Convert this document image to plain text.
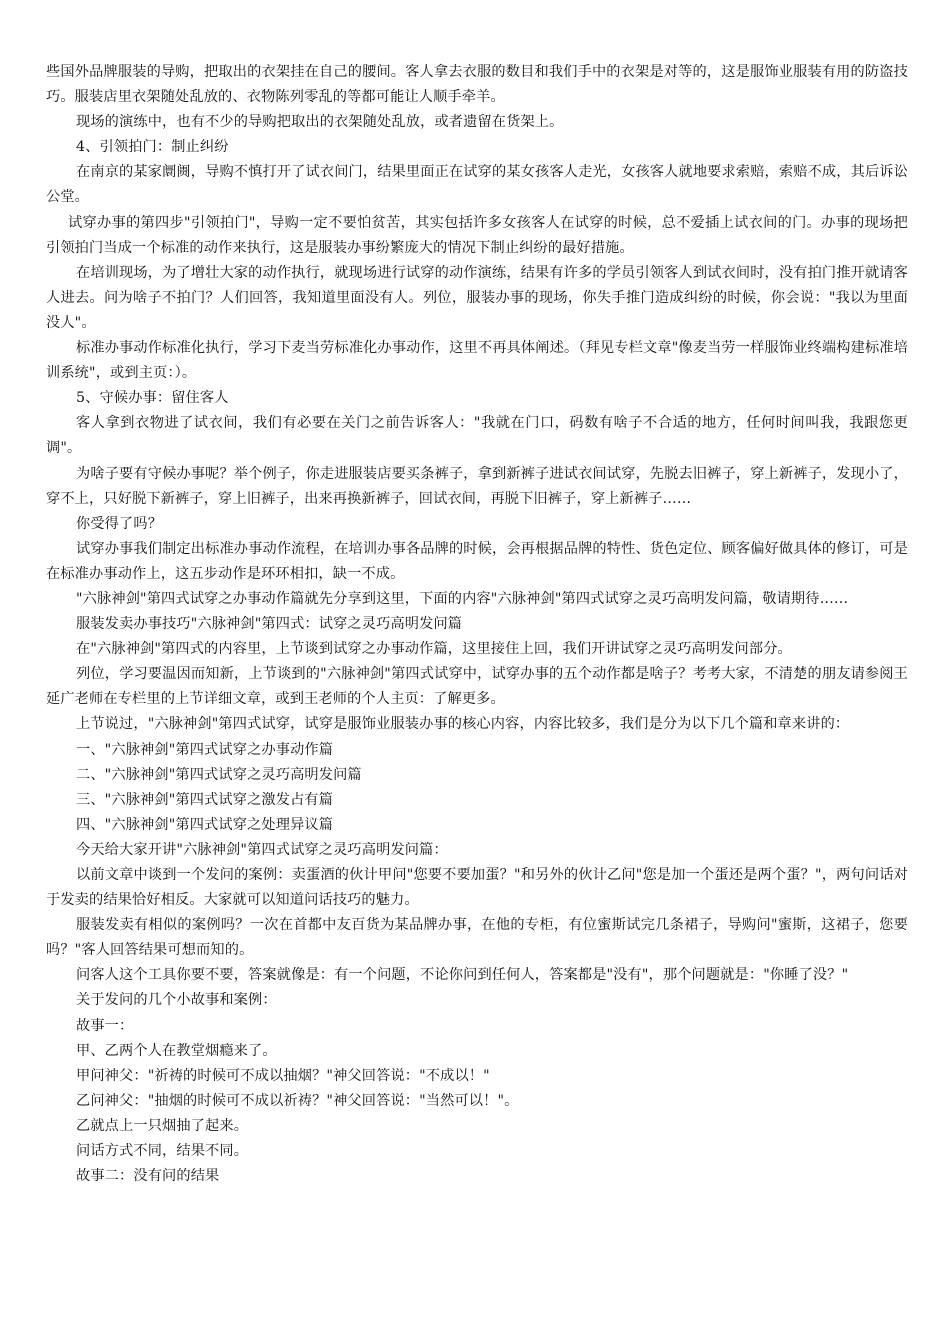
些国外品牌服装的导购，把取出的衣架挂在自己的腰间。客人拿去衣服的数目和我们手中的衣架是对等的，这是服饰业服装有用的防盗技巧。服装店里衣架随处乱放的、衣物陈列零乱的等都可能让人顺手牵羊。

现场的演练中，也有不少的导购把取出的衣架随处乱放，或者遗留在货架上。

4、引领拍门：制止纠纷

在南京的某家阛阓，导购不慎打开了试衣间门，结果里面正在试穿的某女孩客人走光，女孩客人就地要求索赔，索赔不成，其后诉讼公堂。

试穿办事的第四步"引领拍门"，导购一定不要怕贫苦，其实包括许多女孩客人在试穿的时候，总不爱插上试衣间的门。办事的现场把引领拍门当成一个标准的动作来执行，这是服装办事纷繁庞大的情况下制止纠纷的最好措施。

在培训现场，为了增壮大家的动作执行，就现场进行试穿的动作演练，结果有许多的学员引领客人到试衣间时，没有拍门推开就请客人进去。问为啥子不拍门？人们回答，我知道里面没有人。列位，服装办事的现场，你失手推门造成纠纷的时候，你会说："我以为里面没人"。

标准办事动作标准化执行，学习下麦当劳标准化办事动作，这里不再具体阐述。（拜见专栏文章"像麦当劳一样服饰业终端构建标准培训系统"，或到主页：）。

5、守候办事：留住客人

客人拿到衣物进了试衣间，我们有必要在关门之前告诉客人："我就在门口，码数有啥子不合适的地方，任何时间叫我，我跟您更调"。

为啥子要有守候办事呢？举个例子，你走进服装店要买条裤子，拿到新裤子进试衣间试穿，先脱去旧裤子，穿上新裤子，发现小了，穿不上，只好脱下新裤子，穿上旧裤子，出来再换新裤子，回试衣间，再脱下旧裤子，穿上新裤子……

你受得了吗？

试穿办事我们制定出标准办事动作流程，在培训办事各品牌的时候，会再根据品牌的特性、货色定位、顾客偏好做具体的修订，可是在标准办事动作上，这五步动作是环环相扣，缺一不成。

"六脉神剑"第四式试穿之办事动作篇就先分享到这里，下面的内容"六脉神剑"第四式试穿之灵巧高明发问篇，敬请期待……

服装发卖办事技巧"六脉神剑"第四式：试穿之灵巧高明发问篇

在"六脉神剑"第四式的内容里，上节谈到试穿之办事动作篇，这里接住上回，我们开讲试穿之灵巧高明发问部分。

列位，学习要温因而知新，上节谈到的"六脉神剑"第四式试穿中，试穿办事的五个动作都是啥子？考考大家，不清楚的朋友请参阅王延广老师在专栏里的上节详细文章，或到王老师的个人主页：了解更多。

上节说过，"六脉神剑"第四式试穿，试穿是服饰业服装办事的核心内容，内容比较多，我们是分为以下几个篇和章来讲的：

一、"六脉神剑"第四式试穿之办事动作篇

二、"六脉神剑"第四式试穿之灵巧高明发问篇

三、"六脉神剑"第四式试穿之激发占有篇

四、"六脉神剑"第四式试穿之处理异议篇

今天给大家开讲"六脉神剑"第四式试穿之灵巧高明发问篇：

以前文章中谈到一个发问的案例：卖蛋酒的伙计甲问"您要不要加蛋？"和另外的伙计乙问"您是加一个蛋还是两个蛋？"，两句问话对于发卖的结果恰好相反。大家就可以知道问话技巧的魅力。

服装发卖有相似的案例吗？一次在首都中友百货为某品牌办事，在他的专柜，有位蜜斯试完几条裙子，导购问"蜜斯，这裙子，您要吗？"客人回答结果可想而知的。

问客人这个工具你要不要，答案就像是：有一个问题，不论你问到任何人，答案都是"没有"，那个问题就是："你睡了没？"

关于发问的几个小故事和案例：

故事一：

甲、乙两个人在教堂烟瘾来了。

甲问神父："祈祷的时候可不成以抽烟？"神父回答说："不成以！"

乙问神父："抽烟的时候可不成以祈祷？"神父回答说："当然可以！"。

乙就点上一只烟抽了起来。

问话方式不同，结果不同。

故事二：没有问的结果
